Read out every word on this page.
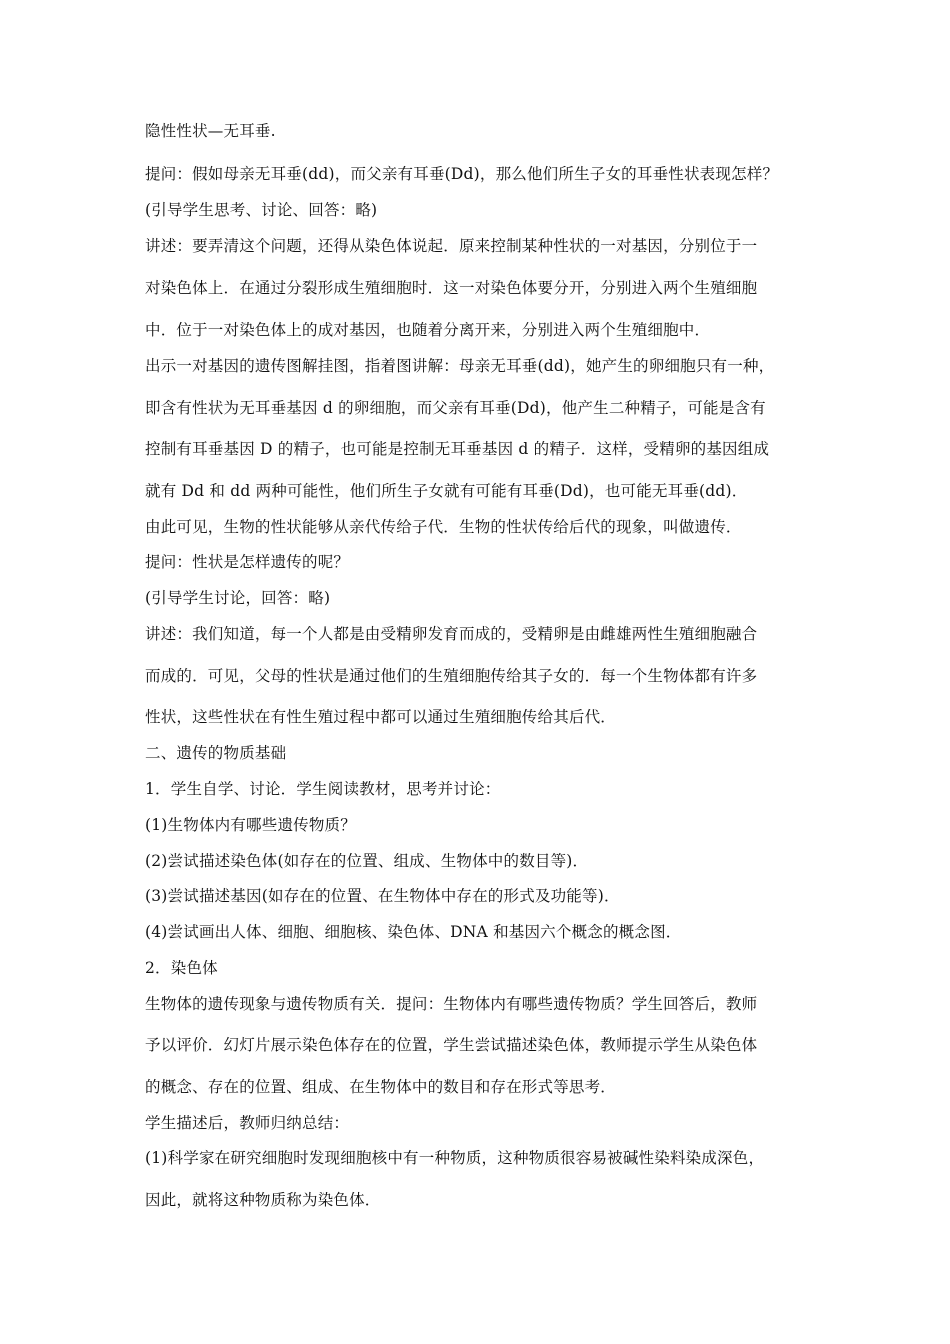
隐性性状—无耳垂.
提问：假如母亲无耳垂(dd)，而父亲有耳垂(Dd)，那么他们所生子女的耳垂性状表现怎样？
(引导学生思考、讨论、回答：略)
讲述：要弄清这个问题，还得从染色体说起．原来控制某种性状的一对基因，分别位于一
对染色体上．在通过分裂形成生殖细胞时．这一对染色体要分开，分别进入两个生殖细胞
中．位于一对染色体上的成对基因，也随着分离开来，分别进入两个生殖细胞中．
出示一对基因的遗传图解挂图，指着图讲解：母亲无耳垂(dd)，她产生的卵细胞只有一种，
即含有性状为无耳垂基因 d 的卵细胞，而父亲有耳垂(Dd)，他产生二种精子，可能是含有
控制有耳垂基因 D 的精子，也可能是控制无耳垂基因 d 的精子．这样，受精卵的基因组成
就有 Dd 和 dd 两种可能性，他们所生子女就有可能有耳垂(Dd)，也可能无耳垂(dd)．
由此可见，生物的性状能够从亲代传给子代．生物的性状传给后代的现象，叫做遗传．
提问：性状是怎样遗传的呢？
(引导学生讨论，回答：略)
讲述：我们知道，每一个人都是由受精卵发育而成的，受精卵是由雌雄两性生殖细胞融合
而成的．可见，父母的性状是通过他们的生殖细胞传给其子女的．每一个生物体都有许多
性状，这些性状在有性生殖过程中都可以通过生殖细胞传给其后代．
二、遗传的物质基础
1．学生自学、讨论．学生阅读教材，思考并讨论：
(1)生物体内有哪些遗传物质？
(2)尝试描述染色体(如存在的位置、组成、生物体中的数目等)．
(3)尝试描述基因(如存在的位置、在生物体中存在的形式及功能等)．
(4)尝试画出人体、细胞、细胞核、染色体、DNA 和基因六个概念的概念图．
2．染色体
生物体的遗传现象与遗传物质有关．提问：生物体内有哪些遗传物质？学生回答后，教师
予以评价．幻灯片展示染色体存在的位置，学生尝试描述染色体，教师提示学生从染色体
的概念、存在的位置、组成、在生物体中的数目和存在形式等思考．
学生描述后，教师归纳总结：
(1)科学家在研究细胞时发现细胞核中有一种物质，这种物质很容易被碱性染料染成深色，
因此，就将这种物质称为染色体．
